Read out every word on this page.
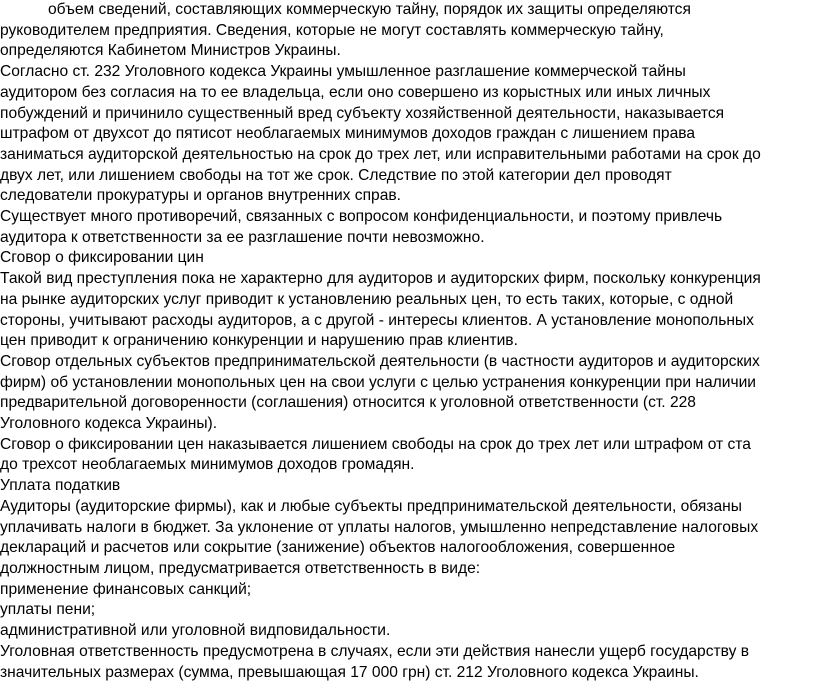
объем сведений, составляющих коммерческую тайну, порядок их защиты определяются
руководителем предприятия. Сведения, которые не могут составлять коммерческую тайну,
определяются Кабинетом Министров Украины.
Согласно ст. 232 Уголовного кодекса Украины умышленное разглашение коммерческой тайны
аудитором без согласия на то ее владельца, если оно совершено из корыстных или иных личных
побуждений и причинило существенный вред субъекту хозяйственной деятельности, наказывается
штрафом от двухсот до пятисот необлагаемых минимумов доходов граждан с лишением права
заниматься аудиторской деятельностью на срок до трех лет, или исправительными работами на срок до
двух лет, или лишением свободы на тот же срок. Следствие по этой категории дел проводят
следователи прокуратуры и органов внутренних справ.
Существует много противоречий, связанных с вопросом конфиденциальности, и поэтому привлечь
аудитора к ответственности за ее разглашение почти невозможно.
Сговор о фиксировании цин
Такой вид преступления пока не характерно для аудиторов и аудиторских фирм, поскольку конкуренция
на рынке аудиторских услуг приводит к установлению реальных цен, то есть таких, которые, с одной
стороны, учитывают расходы аудиторов, а с другой - интересы клиентов. А установление монопольных
цен приводит к ограничению конкуренции и нарушению прав клиентив.
Сговор отдельных субъектов предпринимательской деятельности (в частности аудиторов и аудиторских
фирм) об установлении монопольных цен на свои услуги с целью устранения конкуренции при наличии
предварительной договоренности (соглашения) относится к уголовной ответственности (ст. 228
Уголовного кодекса Украины).
Сговор о фиксировании цен наказывается лишением свободы на срок до трех лет или штрафом от ста
до трехсот необлагаемых минимумов доходов громадян.
Уплата податкив
Аудиторы (аудиторские фирмы), как и любые субъекты предпринимательской деятельности, обязаны
уплачивать налоги в бюджет. За уклонение от уплаты налогов, умышленно непредставление налоговых
деклараций и расчетов или сокрытие (занижение) объектов налогообложения, совершенное
должностным лицом, предусматривается ответственность в виде:
применение финансовых санкций;
уплаты пени;
административной или уголовной видповидальности.
Уголовная ответственность предусмотрена в случаях, если эти действия нанесли ущерб государству в
значительных размерах (сумма, превышающая 17 000 грн) ст. 212 Уголовного кодекса Украины.
